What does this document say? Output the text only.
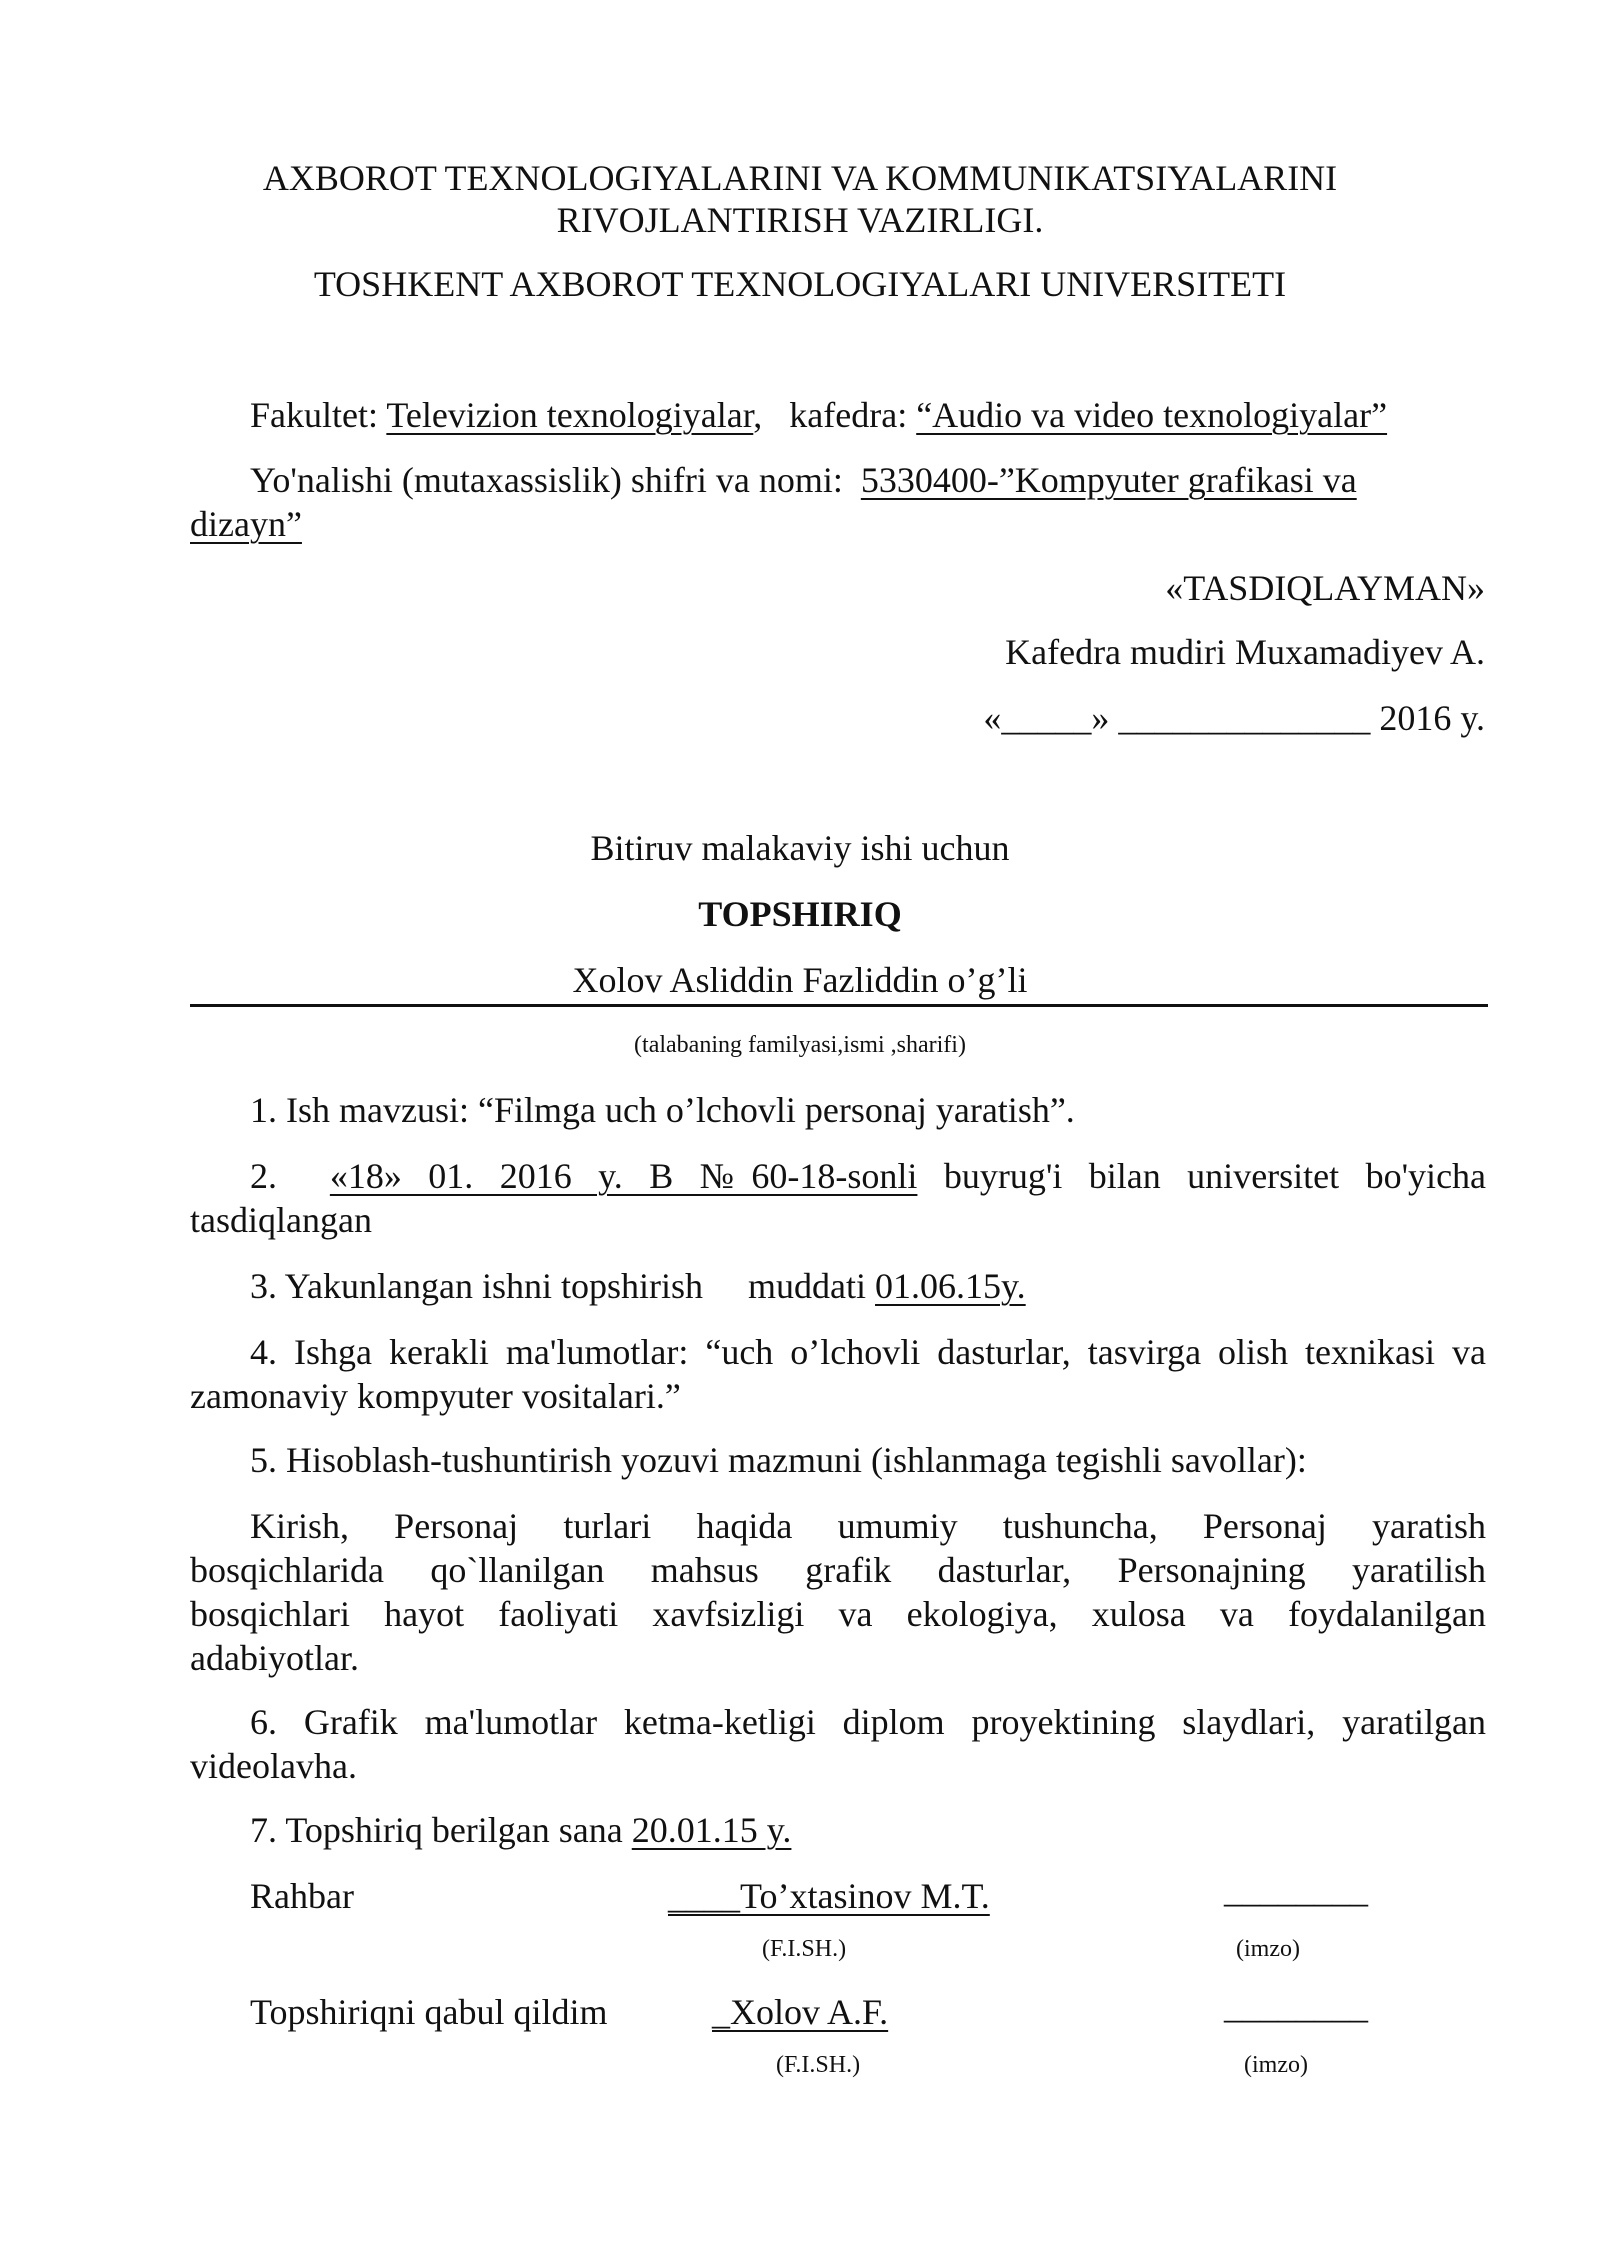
AXBOROT TEXNOLOGIYALARINI VA KOMMUNIKATSIYALARINI
RIVOJLANTIRISH VAZIRLIGI.
TOSHKENT AXBOROT TEXNOLOGIYALARI UNIVERSITETI
Fakultet: Televizion texnologiyalar, kafedra: “Audio va video texnologiyalar”
Yo'nalishi (mutaxassislik) shifri va nomi: 5330400-”Kompyuter grafikasi va
dizayn”
«TASDIQLAYMAN»
Kafedra mudiri Muxamadiyev A.
«_____» ______________ 2016 y.
Bitiruv malakaviy ishi uchun
TOPSHIRIQ
Xolov Asliddin Fazliddin o’g’li
(talabaning familyasi,ismi ,sharifi)
1. Ish mavzusi: “Filmga uch o’lchovli personaj yaratish”.
2. «18» 01. 2016 y. B №60-18-sonli buyrug'i bilan universitet bo'yicha
tasdiqlangan
3. Yakunlangan ishni topshirish     muddati 01.06.15y.
4. Ishga kerakli ma'lumotlar: “uch o’lchovli dasturlar, tasvirga olish texnikasi va
zamonaviy kompyuter vositalari.”
5. Hisoblash-tushuntirish yozuvi mazmuni (ishlanmaga tegishli savollar):
Kirish, Personaj turlari haqida umumiy tushuncha, Personaj yaratish
bosqichlarida qo`llanilgan mahsus grafik dasturlar, Personajning yaratilish
bosqichlari hayot faoliyati xavfsizligi va ekologiya, xulosa va foydalanilgan
adabiyotlar.
6. Grafik ma'lumotlar ketma-ketligi diplom proyektining slaydlari, yaratilgan
videolavha.
7. Topshiriq berilgan sana 20.01.15 y.
Rahbar	____To’xtasinov M.T.	________
(F.I.SH.)	(imzo)
Topshiriqni qabul qildim	_Xolov A.F.	________
(F.I.SH.)	(imzo)
